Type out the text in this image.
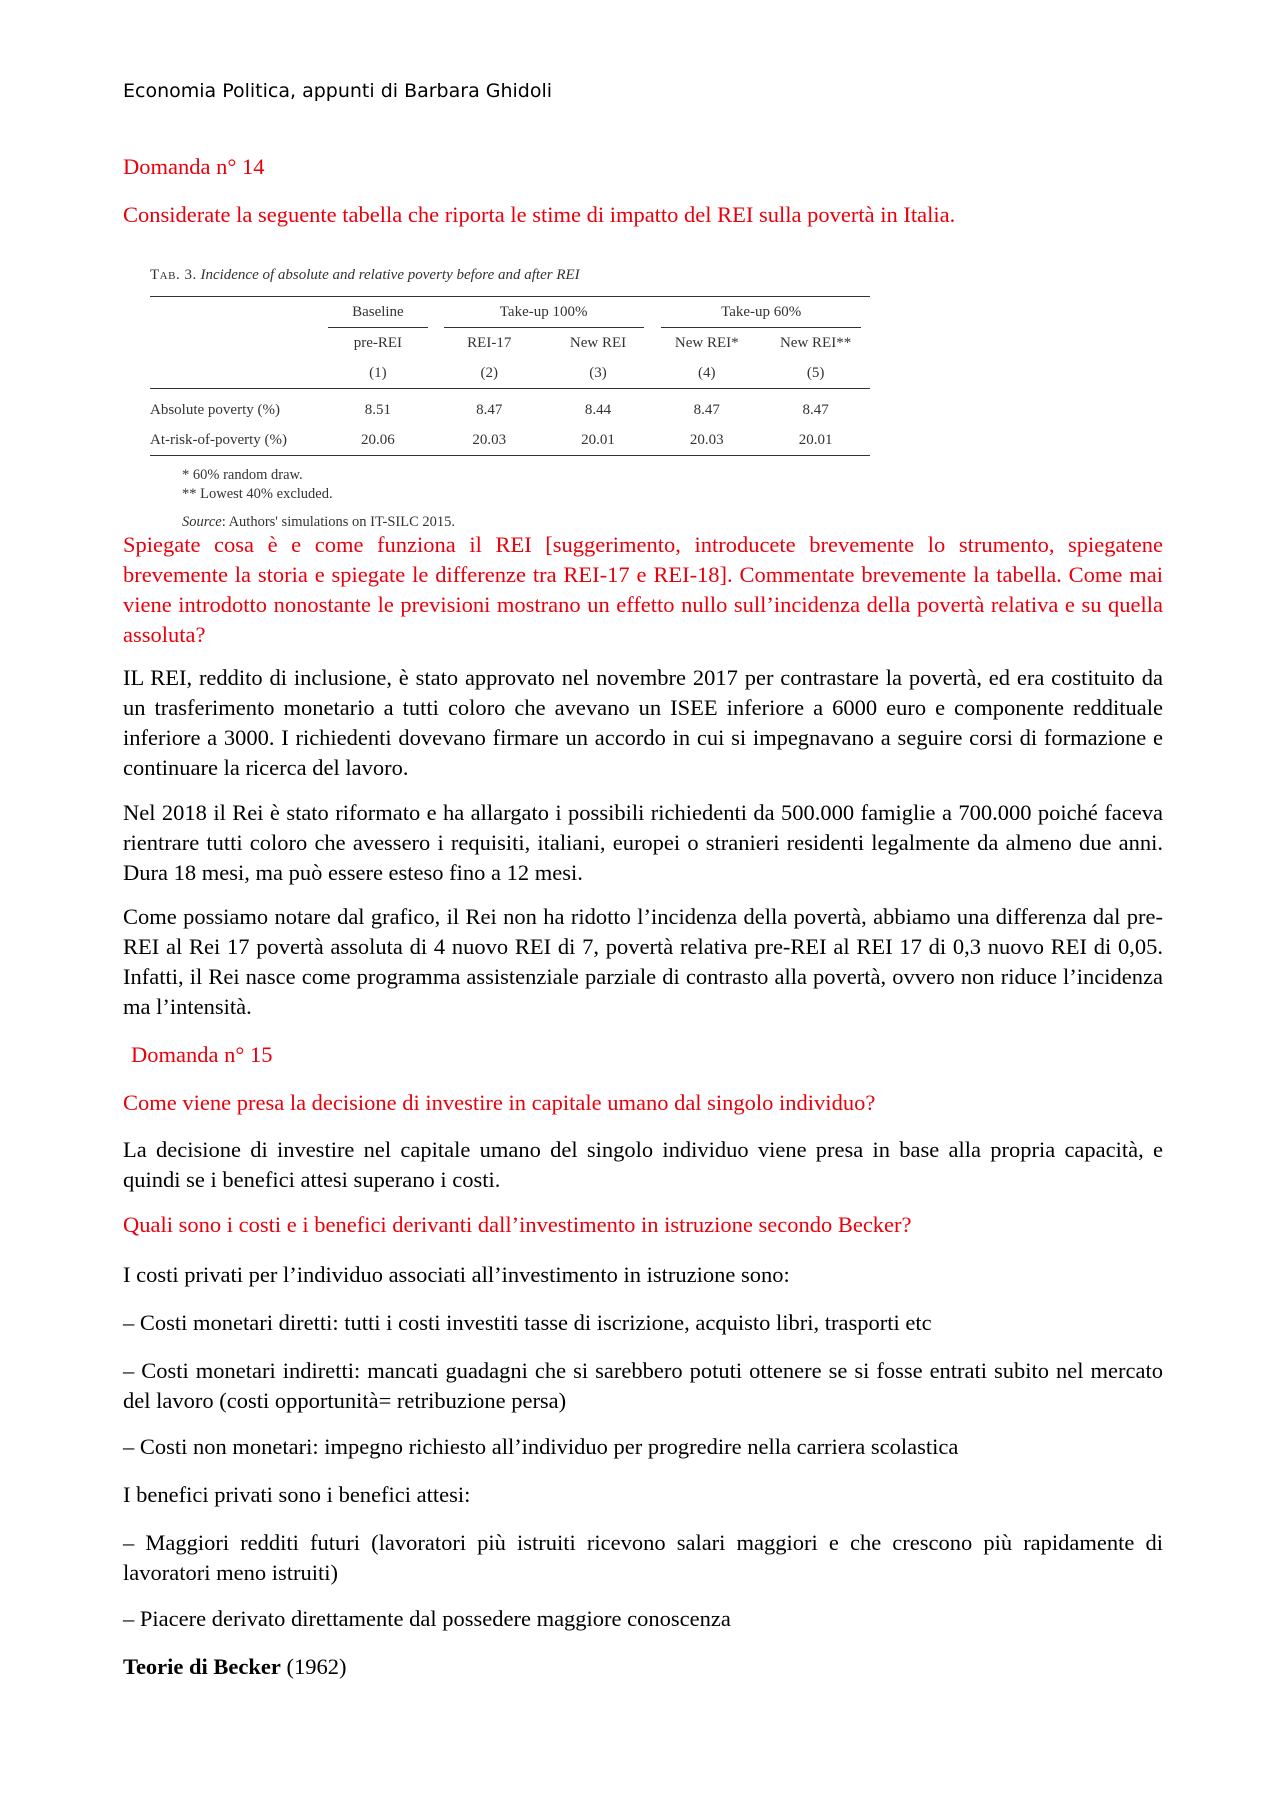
Economia Politica, appunti di Barbara Ghidoli

Domanda n° 14

Considerate la seguente tabella che riporta le stime di impatto del REI sulla povertà in Italia.

Tab. 3. Incidence of absolute and relative poverty before and after REI
	Baseline	Take-up 100%		Take-up 60%	
	pre-REI	REI-17	New REI	New REI*	New REI**
	(1)	(2)	(3)	(4)	(5)
Absolute poverty (%)	8.51	8.47	8.44	8.47	8.47
At-risk-of-poverty (%)	20.06	20.03	20.01	20.03	20.01
* 60% random draw.
** Lowest 40% excluded.
Source: Authors' simulations on IT-SILC 2015.

Spiegate cosa è e come funziona il REI [suggerimento, introducete brevemente lo strumento, spiegatene brevemente la storia e spiegate le differenze tra REI-17 e REI-18]. Commentate brevemente la tabella. Come mai viene introdotto nonostante le previsioni mostrano un effetto nullo sull’incidenza della povertà relativa e su quella assoluta?

IL REI, reddito di inclusione, è stato approvato nel novembre 2017 per contrastare la povertà, ed era costituito da un trasferimento monetario a tutti coloro che avevano un ISEE inferiore a 6000 euro e componente reddituale inferiore a 3000. I richiedenti dovevano firmare un accordo in cui si impegnavano a seguire corsi di formazione e continuare la ricerca del lavoro.

Nel 2018 il Rei è stato riformato e ha allargato i possibili richiedenti da 500.000 famiglie a 700.000 poiché faceva rientrare tutti coloro che avessero i requisiti, italiani, europei o stranieri residenti legalmente da almeno due anni. Dura 18 mesi, ma può essere esteso fino a 12 mesi.

Come possiamo notare dal grafico, il Rei non ha ridotto l’incidenza della povertà, abbiamo una differenza dal pre-REI al Rei 17 povertà assoluta di 4 nuovo REI di 7, povertà relativa pre-REI al REI 17 di 0,3 nuovo REI di 0,05. Infatti, il Rei nasce come programma assistenziale parziale di contrasto alla povertà, ovvero non riduce l’incidenza ma l’intensità.

Domanda n° 15

Come viene presa la decisione di investire in capitale umano dal singolo individuo?

La decisione di investire nel capitale umano del singolo individuo viene presa in base alla propria capacità, e quindi se i benefici attesi superano i costi.

Quali sono i costi e i benefici derivanti dall’investimento in istruzione secondo Becker?

I costi privati per l’individuo associati all’investimento in istruzione sono:

– Costi monetari diretti: tutti i costi investiti tasse di iscrizione, acquisto libri, trasporti etc

– Costi monetari indiretti: mancati guadagni che si sarebbero potuti ottenere se si fosse entrati subito nel mercato del lavoro (costi opportunità= retribuzione persa)

– Costi non monetari: impegno richiesto all’individuo per progredire nella carriera scolastica

I benefici privati sono i benefici attesi:

– Maggiori redditi futuri (lavoratori più istruiti ricevono salari maggiori e che crescono più rapidamente di lavoratori meno istruiti)

– Piacere derivato direttamente dal possedere maggiore conoscenza

Teorie di Becker (1962)
